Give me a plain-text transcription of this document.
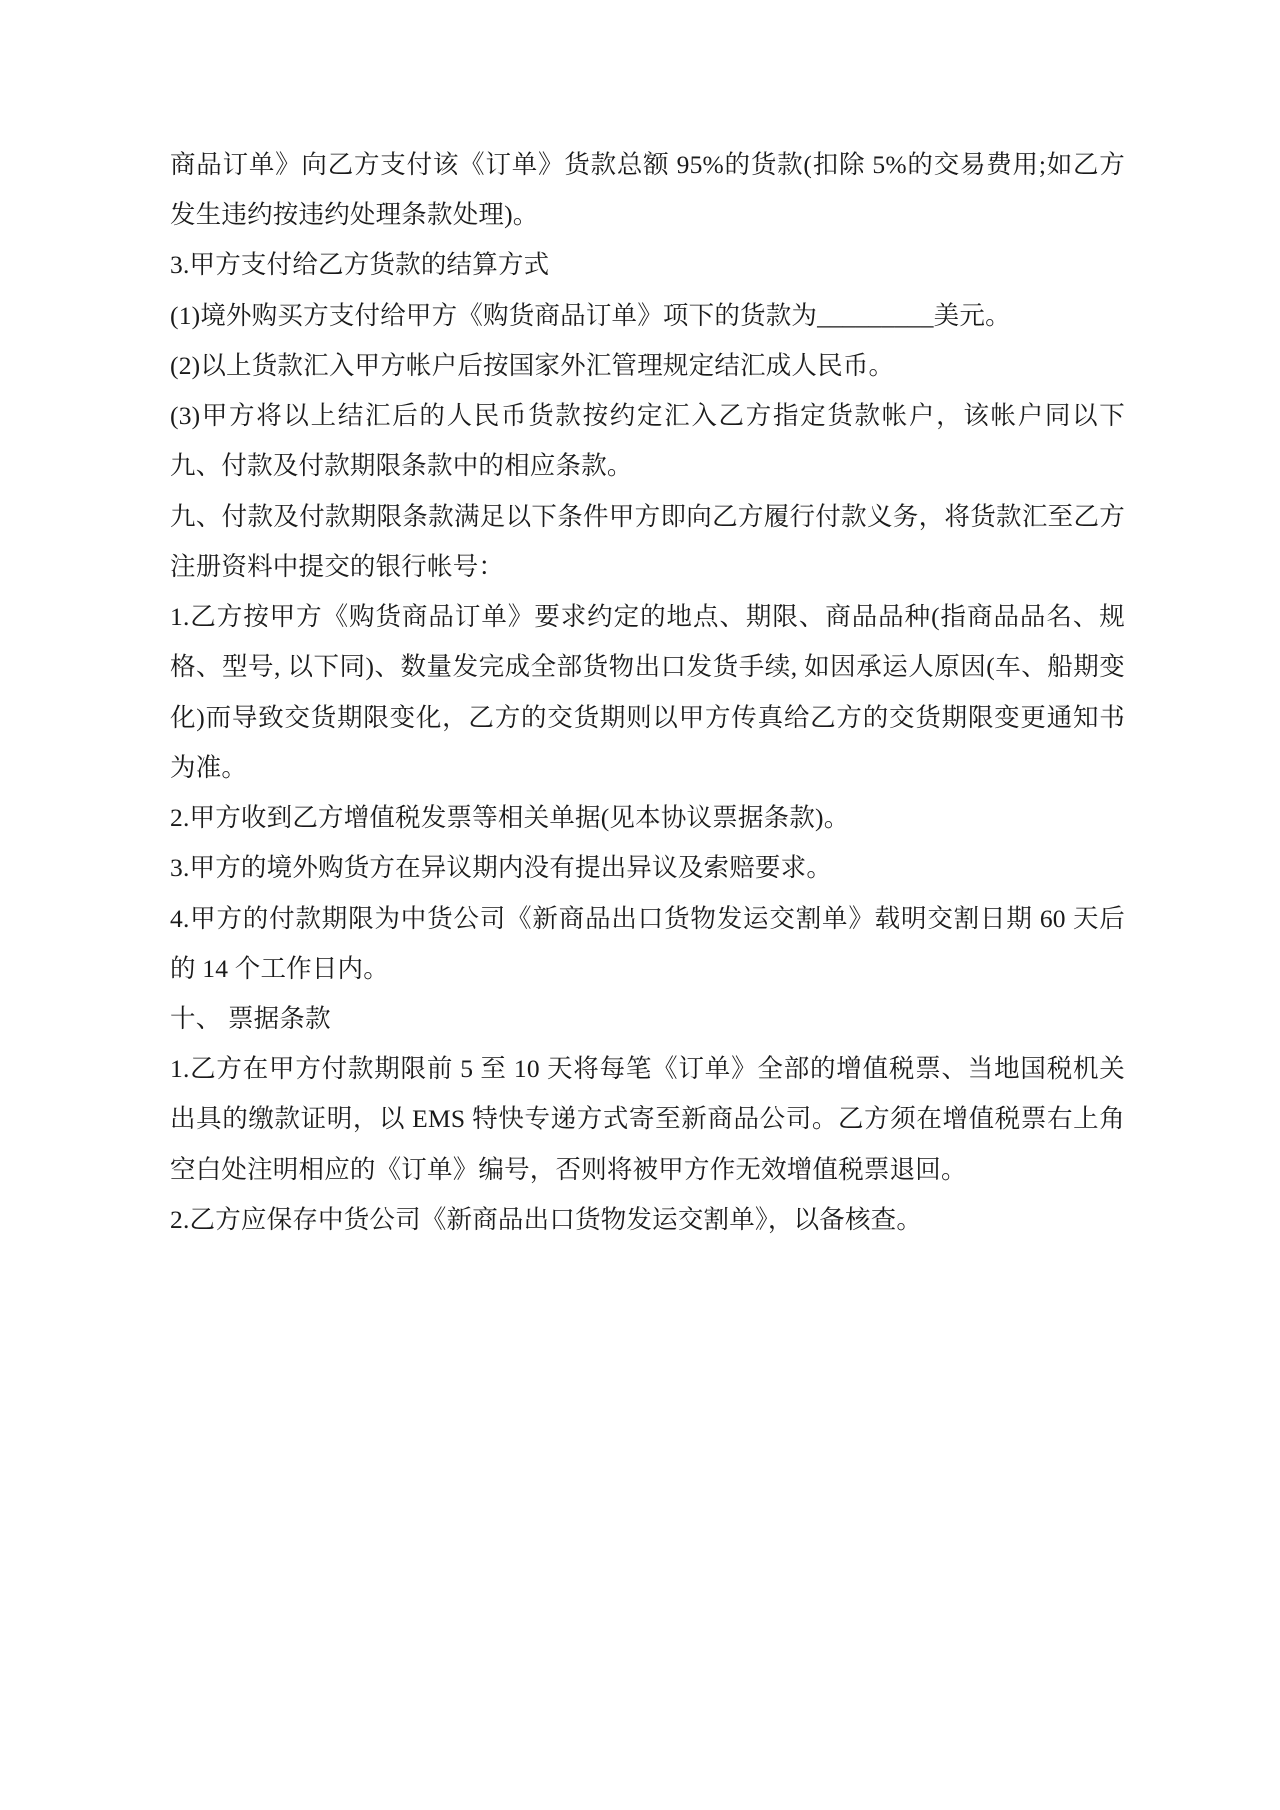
商品订单》向乙方支付该《订单》货款总额 95%的货款(扣除 5%的交易费用;如乙方发生违约按违约处理条款处理)。

3.甲方支付给乙方货款的结算方式

(1)境外购买方支付给甲方《购货商品订单》项下的货款为_________美元。

(2)以上货款汇入甲方帐户后按国家外汇管理规定结汇成人民币。

(3)甲方将以上结汇后的人民币货款按约定汇入乙方指定货款帐户，该帐户同以下九、付款及付款期限条款中的相应条款。

九、付款及付款期限条款满足以下条件甲方即向乙方履行付款义务，将货款汇至乙方注册资料中提交的银行帐号：

1.乙方按甲方《购货商品订单》要求约定的地点、期限、商品品种(指商品品名、规格、型号, 以下同)、数量发完成全部货物出口发货手续, 如因承运人原因(车、船期变化)而导致交货期限变化，乙方的交货期则以甲方传真给乙方的交货期限变更通知书为准。

2.甲方收到乙方增值税发票等相关单据(见本协议票据条款)。

3.甲方的境外购货方在异议期内没有提出异议及索赔要求。

4.甲方的付款期限为中货公司《新商品出口货物发运交割单》载明交割日期 60 天后的 14 个工作日内。

十、 票据条款

1.乙方在甲方付款期限前 5 至 10 天将每笔《订单》全部的增值税票、当地国税机关出具的缴款证明，以 EMS 特快专递方式寄至新商品公司。乙方须在增值税票右上角空白处注明相应的《订单》编号，否则将被甲方作无效增值税票退回。

2.乙方应保存中货公司《新商品出口货物发运交割单》，以备核查。
